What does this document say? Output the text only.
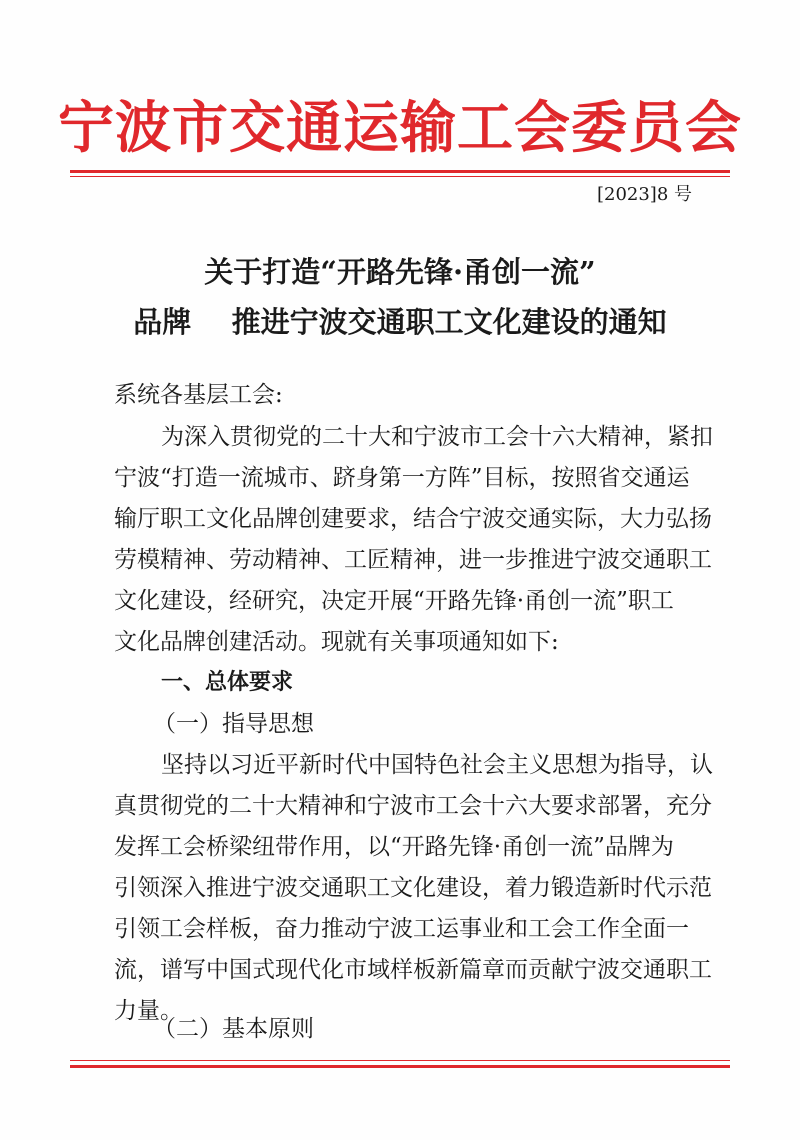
宁波市交通运输工会委员会
[2023]8 号
关于打造“开路先锋·甬创一流”
品牌    推进宁波交通职工文化建设的通知
系统各基层工会:
为深入贯彻党的二十大和宁波市工会十六大精神，紧扣
宁波“打造一流城市、跻身第一方阵”目标，按照省交通运
输厅职工文化品牌创建要求，结合宁波交通实际，大力弘扬
劳模精神、劳动精神、工匠精神，进一步推进宁波交通职工
文化建设，经研究，决定开展“开路先锋·甬创一流”职工
文化品牌创建活动。现就有关事项通知如下:
一、总体要求
（一）指导思想
坚持以习近平新时代中国特色社会主义思想为指导，认
真贯彻党的二十大精神和宁波市工会十六大要求部署，充分
发挥工会桥梁纽带作用，以“开路先锋·甬创一流”品牌为
引领深入推进宁波交通职工文化建设，着力锻造新时代示范
引领工会样板，奋力推动宁波工运事业和工会工作全面一
流，谱写中国式现代化市域样板新篇章而贡献宁波交通职工
力量。
（二）基本原则
